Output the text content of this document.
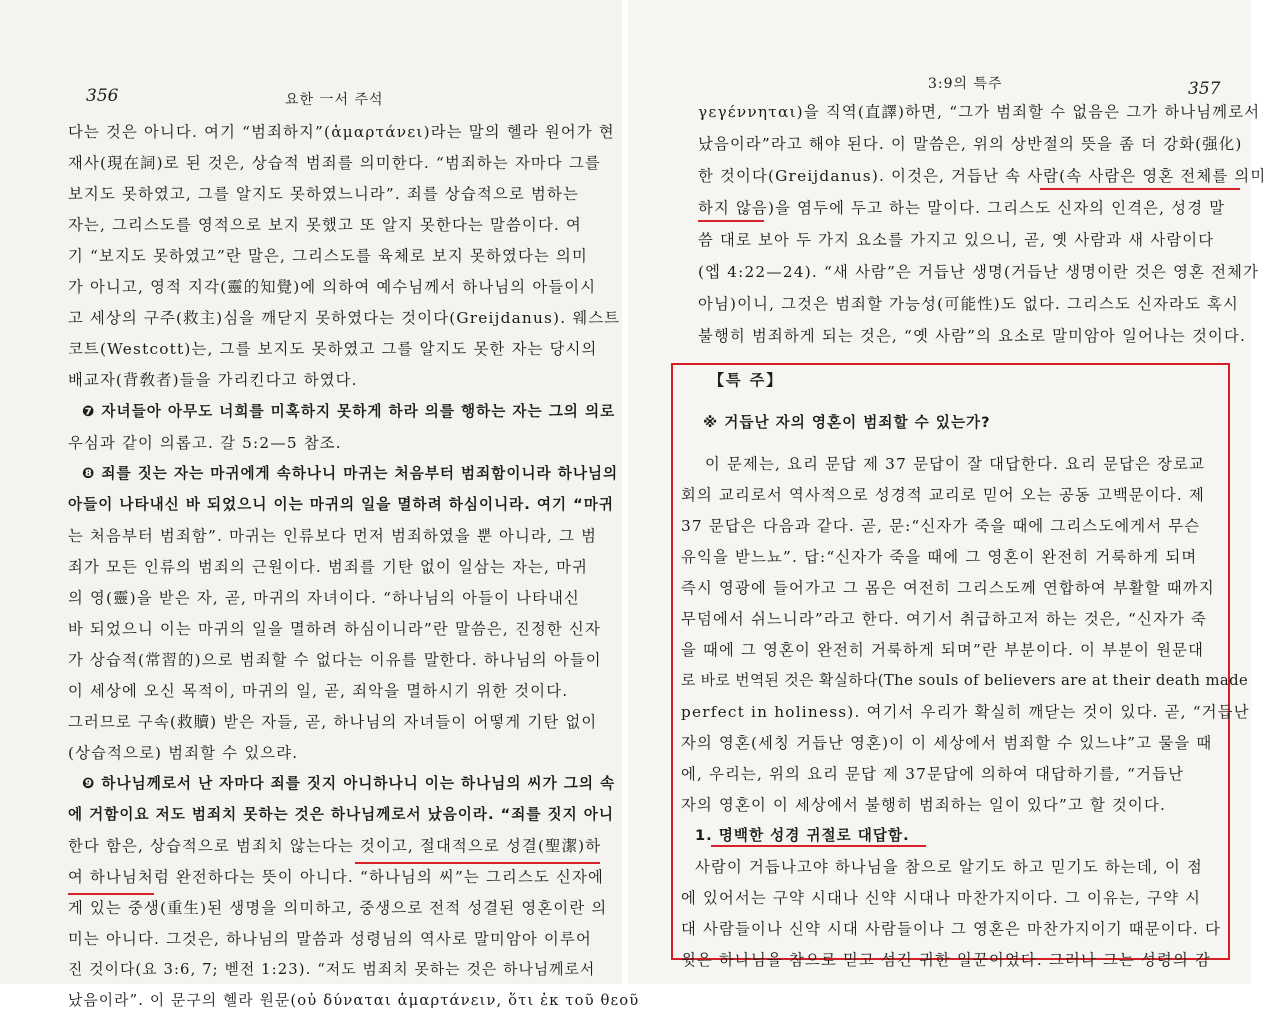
356	요한 一서 주석
다는 것은 아니다. 여기 “범죄하지”(ἁμαρτάνει)라는 말의 헬라 원어가 현
재사(現在詞)로 된 것은, 상습적 범죄를 의미한다. “범죄하는 자마다 그를
보지도 못하였고, 그를 알지도 못하였느니라”. 죄를 상습적으로 범하는
자는, 그리스도를 영적으로 보지 못했고 또 알지 못한다는 말씀이다. 여
기 “보지도 못하였고”란 말은, 그리스도를 육체로 보지 못하였다는 의미
가 아니고, 영적 지각(靈的知覺)에 의하여 예수님께서 하나님의 아들이시
고 세상의 구주(救主)심을 깨닫지 못하였다는 것이다(Greijdanus). 웨스트
코트(Westcott)는, 그를 보지도 못하였고 그를 알지도 못한 자는 당시의
배교자(背敎者)들을 가리킨다고 하였다.
❼ 자녀들아 아무도 너희를 미혹하지 못하게 하라 의를 행하는 자는 그의 의로
우심과 같이 의롭고. 갈 5:2—5 참조.
❽ 죄를 짓는 자는 마귀에게 속하나니 마귀는 처음부터 범죄함이니라 하나님의
아들이 나타내신 바 되었으니 이는 마귀의 일을 멸하려 하심이니라. 여기 “마귀
는 처음부터 범죄함”. 마귀는 인류보다 먼저 범죄하였을 뿐 아니라, 그 범
죄가 모든 인류의 범죄의 근원이다. 범죄를 기탄 없이 일삼는 자는, 마귀
의 영(靈)을 받은 자, 곧, 마귀의 자녀이다. “하나님의 아들이 나타내신
바 되었으니 이는 마귀의 일을 멸하려 하심이니라”란 말씀은, 진정한 신자
가 상습적(常習的)으로 범죄할 수 없다는 이유를 말한다. 하나님의 아들이
이 세상에 오신 목적이, 마귀의 일, 곧, 죄악을 멸하시기 위한 것이다.
그러므로 구속(救贖) 받은 자들, 곧, 하나님의 자녀들이 어떻게 기탄 없이
(상습적으로) 범죄할 수 있으랴.
❾ 하나님께로서 난 자마다 죄를 짓지 아니하나니 이는 하나님의 씨가 그의 속
에 거함이요 저도 범죄치 못하는 것은 하나님께로서 났음이라. “죄를 짓지 아니
한다 함은, 상습적으로 범죄치 않는다는 것이고, 절대적으로 성결(聖潔)하
여 하나님처럼 완전하다는 뜻이 아니다. “하나님의 씨”는 그리스도 신자에
게 있는 중생(重生)된 생명을 의미하고, 중생으로 전적 성결된 영혼이란 의
미는 아니다. 그것은, 하나님의 말씀과 성령님의 역사로 말미암아 이루어
진 것이다(요 3:6, 7; 벧전 1:23). “저도 범죄치 못하는 것은 하나님께로서
났음이라”. 이 문구의 헬라 원문(οὐ δύναται ἁμαρτάνειν, ὅτι ἐκ τοῦ θεοῦ
3:9의 특주	357
γεγέννηται)을 직역(直譯)하면, “그가 범죄할 수 없음은 그가 하나님께로서
났음이라”라고 해야 된다. 이 말씀은, 위의 상반절의 뜻을 좀 더 강화(强化)
한 것이다(Greijdanus). 이것은, 거듭난 속 사람(속 사람은 영혼 전체를 의미
하지 않음)을 염두에 두고 하는 말이다. 그리스도 신자의 인격은, 성경 말
씀 대로 보아 두 가지 요소를 가지고 있으니, 곧, 옛 사람과 새 사람이다
(엡 4:22—24). “새 사람”은 거듭난 생명(거듭난 생명이란 것은 영혼 전체가
아님)이니, 그것은 범죄할 가능성(可能性)도 없다. 그리스도 신자라도 혹시
불행히 범죄하게 되는 것은, “옛 사람”의 요소로 말미암아 일어나는 것이다.
【특 주】
※ 거듭난 자의 영혼이 범죄할 수 있는가?
이 문제는, 요리 문답 제 37 문답이 잘 대답한다. 요리 문답은 장로교
회의 교리로서 역사적으로 성경적 교리로 믿어 오는 공동 고백문이다. 제
37 문답은 다음과 같다. 곧, 문:“신자가 죽을 때에 그리스도에게서 무슨
유익을 받느뇨”. 답:“신자가 죽을 때에 그 영혼이 완전히 거룩하게 되며
즉시 영광에 들어가고 그 몸은 여전히 그리스도께 연합하여 부활할 때까지
무덤에서 쉬느니라”라고 한다. 여기서 취급하고저 하는 것은, “신자가 죽
을 때에 그 영혼이 완전히 거룩하게 되며”란 부분이다. 이 부분이 원문대
로 바로 번역된 것은 확실하다(The souls of believers are at their death made
perfect in holiness). 여기서 우리가 확실히 깨닫는 것이 있다. 곧, “거듭난
자의 영혼(세칭 거듭난 영혼)이 이 세상에서 범죄할 수 있느냐”고 물을 때
에, 우리는, 위의 요리 문답 제 37문답에 의하여 대답하기를, “거듭난
자의 영혼이 이 세상에서 불행히 범죄하는 일이 있다”고 할 것이다.
1. 명백한 성경 귀절로 대답함.
사람이 거듭나고야 하나님을 참으로 알기도 하고 믿기도 하는데, 이 점
에 있어서는 구약 시대나 신약 시대나 마찬가지이다. 그 이유는, 구약 시
대 사람들이나 신약 시대 사람들이나 그 영혼은 마찬가지이기 때문이다. 다
윗은 하나님을 참으로 믿고 섬긴 귀한 일꾼이었다. 그러나 그는 성령의 감
